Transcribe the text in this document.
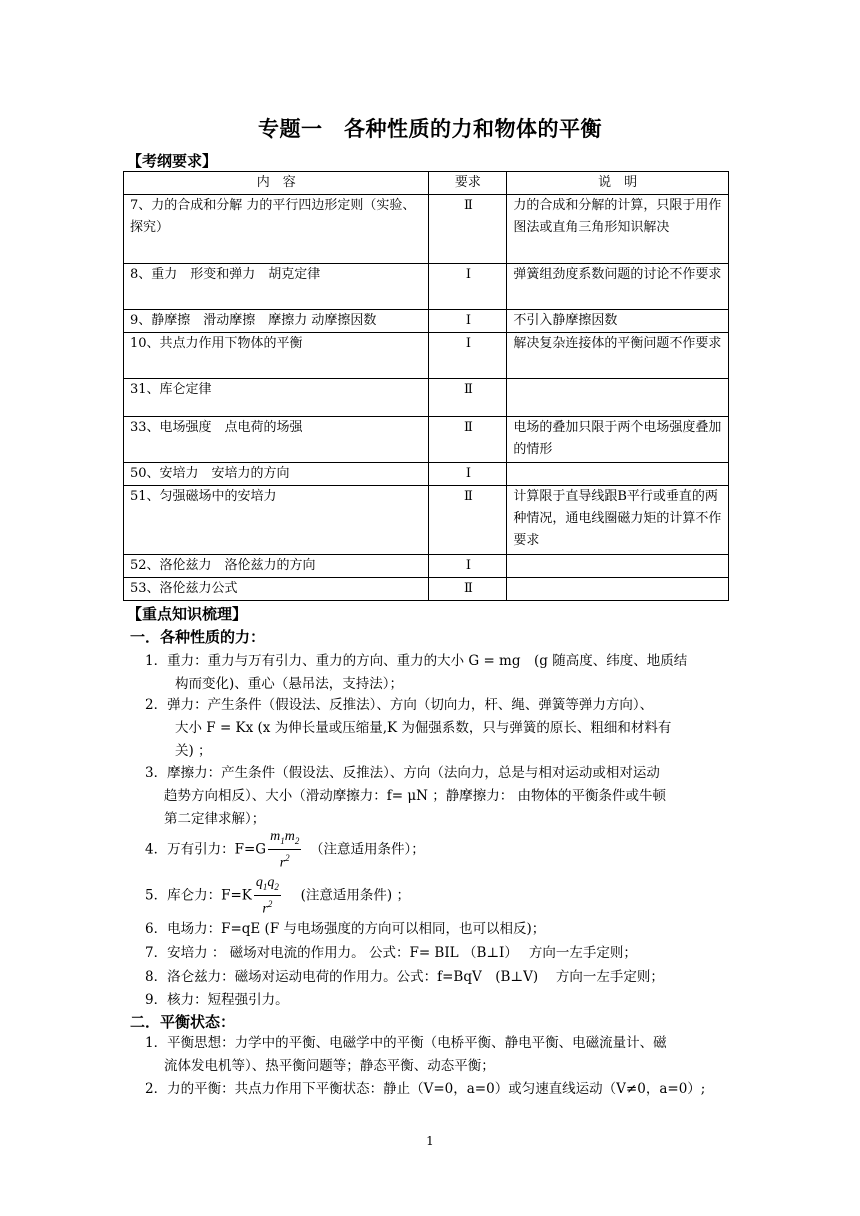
专题一　各种性质的力和物体的平衡
【考纲要求】
内　容	要求	说　明
7、力的合成和分解 力的平行四边形定则（实验、探究）	Ⅱ	力的合成和分解的计算，只限于用作图法或直角三角形知识解决
8、重力　形变和弹力　胡克定律	Ⅰ	弹簧组劲度系数问题的讨论不作要求
9、静摩擦　滑动摩擦　摩擦力 动摩擦因数	Ⅰ	不引入静摩擦因数
10、共点力作用下物体的平衡	Ⅰ	解决复杂连接体的平衡问题不作要求
31、库仑定律	Ⅱ	
33、电场强度　点电荷的场强	Ⅱ	电场的叠加只限于两个电场强度叠加的情形
50、安培力　安培力的方向	Ⅰ	
51、匀强磁场中的安培力	Ⅱ	计算限于直导线跟B平行或垂直的两种情况，通电线圈磁力矩的计算不作要求
52、洛伦兹力　洛伦兹力的方向	Ⅰ	
53、洛伦兹力公式	Ⅱ	
【重点知识梳理】
一．各种性质的力：
1．重力：重力与万有引力、重力的方向、重力的大小 G = mg　(g 随高度、纬度、地质结
构而变化)、重心（悬吊法，支持法）；
2．弹力：产生条件（假设法、反推法）、方向（切向力，杆、绳、弹簧等弹力方向）、
大小 F = Kx (x 为伸长量或压缩量,K 为倔强系数，只与弹簧的原长、粗细和材料有
关) ；
3．摩擦力：产生条件（假设法、反推法）、方向（法向力，总是与相对运动或相对运动
趋势方向相反）、大小（滑动摩擦力：f= μN ；静摩擦力： 由物体的平衡条件或牛顿
第二定律求解）；
4．万有引力：$F=G \frac{m_1m_2}{r^2}$ 　（注意适用条件）；
5．库仑力：$F=K \frac{q_1q_2}{r^2}$ 　 (注意适用条件) ；
6．电场力：F=qE (F 与电场强度的方向可以相同，也可以相反)；
7．安培力 ： 磁场对电流的作用力。 公式：F= BIL （B⊥I）　 方向一左手定则；
8．洛仑兹力：磁场对运动电荷的作用力。公式：f=BqV　(B⊥V)　 方向一左手定则；
9．核力：短程强引力。
二．平衡状态：
1．平衡思想：力学中的平衡、电磁学中的平衡（电桥平衡、静电平衡、电磁流量计、磁
流体发电机等）、热平衡问题等；静态平衡、动态平衡；
2．力的平衡：共点力作用下平衡状态：静止（V=0，a=0）或匀速直线运动（V≠0，a=0）;
1
